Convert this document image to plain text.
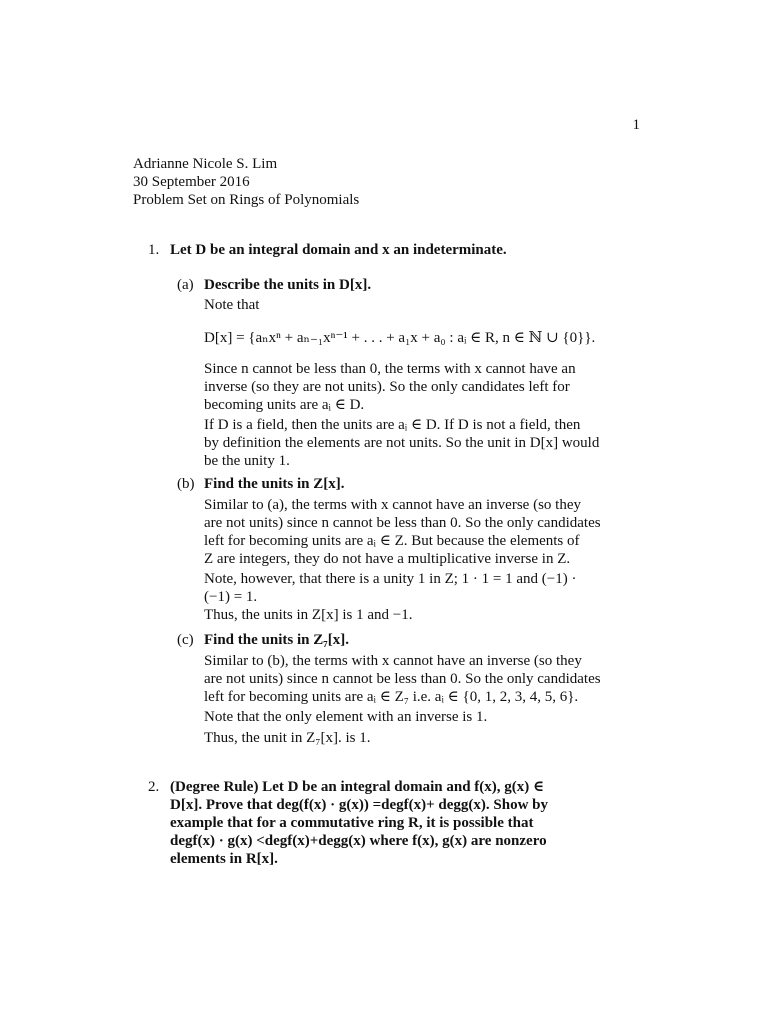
1
Adrianne Nicole S. Lim
30 September 2016
Problem Set on Rings of Polynomials
1. Let D be an integral domain and x an indeterminate.
(a) Describe the units in D[x].
Note that
D[x] = {aₙxⁿ + aₙ₋₁xⁿ⁻¹ + . . . + a₁x + a₀ : aᵢ ∈ R, n ∈ ℕ ∪ {0}}.
Since n cannot be less than 0, the terms with x cannot have an
inverse (so they are not units). So the only candidates left for
becoming units are aᵢ ∈ D.
If D is a field, then the units are aᵢ ∈ D. If D is not a field, then
by definition the elements are not units. So the unit in D[x] would
be the unity 1.
(b) Find the units in Z[x].
Similar to (a), the terms with x cannot have an inverse (so they
are not units) since n cannot be less than 0. So the only candidates
left for becoming units are aᵢ ∈ Z. But because the elements of
Z are integers, they do not have a multiplicative inverse in Z.
Note, however, that there is a unity 1 in Z; 1 · 1 = 1 and (−1) ·
(−1) = 1.
Thus, the units in Z[x] is 1 and −1.
(c) Find the units in Z₇[x].
Similar to (b), the terms with x cannot have an inverse (so they
are not units) since n cannot be less than 0. So the only candidates
left for becoming units are aᵢ ∈ Z₇ i.e. aᵢ ∈ {0, 1, 2, 3, 4, 5, 6}.
Note that the only element with an inverse is 1.
Thus, the unit in Z₇[x]. is 1.
2. (Degree Rule) Let D be an integral domain and f(x), g(x) ∈
D[x]. Prove that deg(f(x) · g(x)) =degf(x)+ degg(x). Show by
example that for a commutative ring R, it is possible that
degf(x) · g(x) <degf(x)+degg(x) where f(x), g(x) are nonzero
elements in R[x].
